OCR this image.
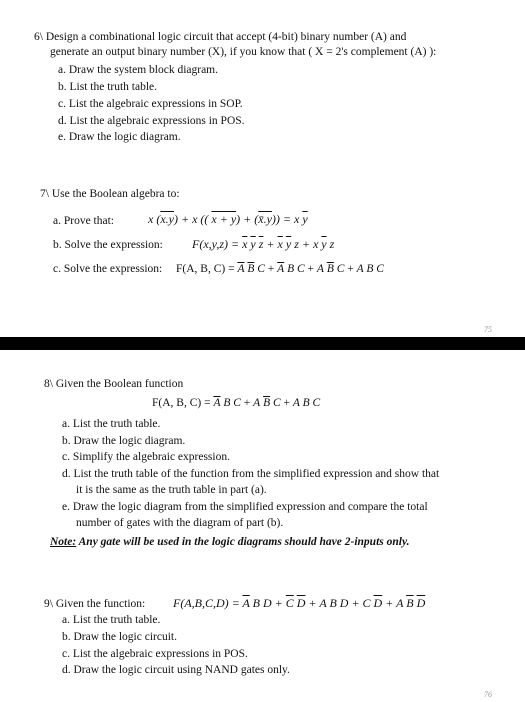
6\ Design a combinational logic circuit that accept (4-bit) binary number (A) and
generate an output binary number (X), if you know that ( X = 2's complement (A) ):
a. Draw the system block diagram.
b. List the truth table.
c. List the algebraic expressions in SOP.
d. List the algebraic expressions in POS.
e. Draw the logic diagram.
7\ Use the Boolean algebra to:
a. Prove that:	x (x.y) + x (( x + y) + (x̄.y)) = x $\overline{y}$
b. Solve the expression: $F(x,y,z) = \overline{x}$ $\overline{y}$ $\overline{z} + \overline{x}$ $\overline{y}$ z + x $\overline{y}$ z
c. Solve the expression: F(A, B, $C) = \overline{A}$ $\overline{B}$ $C + \overline{A}$ B C + A $\overline{B}$ C + A B C
75
8\ Given the Boolean function
F(A, B, $C) = \overline{A}$ B C + A $\overline{B}$ C + A B C
a. List the truth table.
b. Draw the logic diagram.
c. Simplify the algebraic expression.
d. List the truth table of the function from the simplified expression and show that
it is the same as the truth table in part (a).
e. Draw the logic diagram from the simplified expression and compare the total
number of gates with the diagram of part (b).
Note: Any gate will be used in the logic diagrams should have 2-inputs only.
9\ Given the function: $F(A,B,C,D) = \overline{A}$ B $D + \overline{C}$ $\overline{D} + A$ B D + C $\overline{D} + A$ $\overline{B}$ $\overline{D}$
a. List the truth table.
b. Draw the logic circuit.
c. List the algebraic expressions in POS.
d. Draw the logic circuit using NAND gates only.
76
